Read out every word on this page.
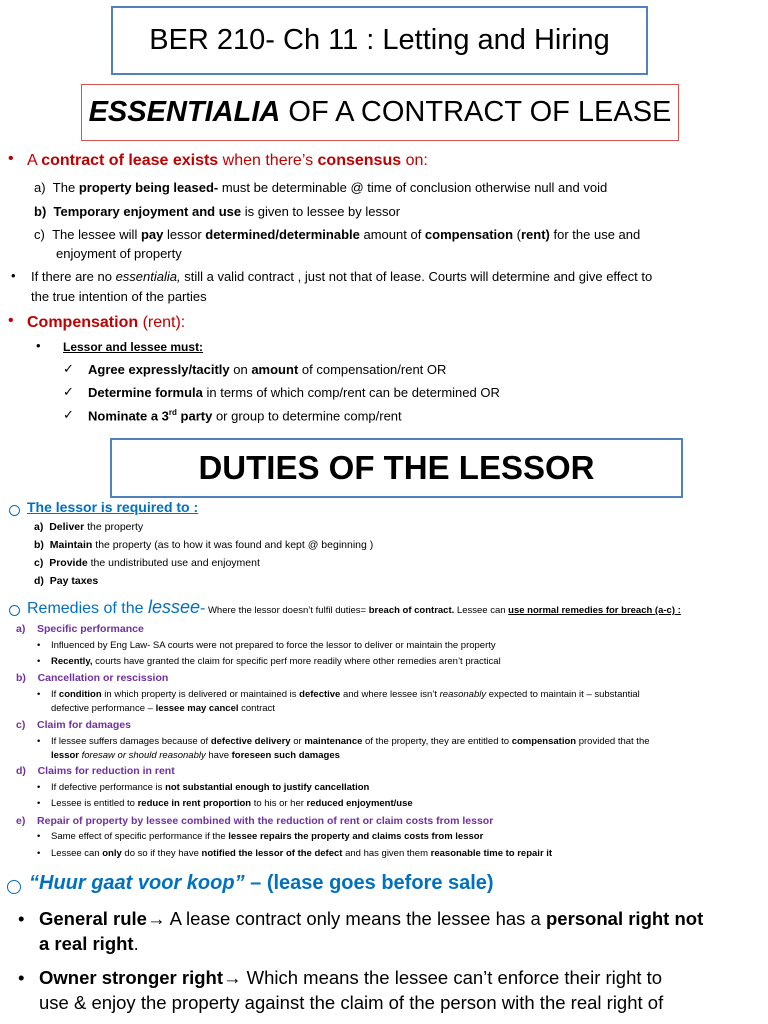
BER 210- Ch 11 : Letting and Hiring
ESSENTIALIA OF A CONTRACT OF LEASE
• A contract of lease exists when there’s consensus on:
a) The property being leased- must be determinable @ time of conclusion otherwise null and void
b) Temporary enjoyment and use is given to lessee by lessor
c) The lessee will pay lessor determined/determinable amount of compensation (rent) for the use and
enjoyment of property
• If there are no essentialia, still a valid contract , just not that of lease. Courts will determine and give effect to
the true intention of the parties
• Compensation (rent):
• Lessor and lessee must:
✓ Agree expressly/tacitly on amount of compensation/rent OR
✓ Determine formula in terms of which comp/rent can be determined OR
✓ Nominate a 3rd party or group to determine comp/rent
DUTIES OF THE LESSOR
The lessor is required to :
a) Deliver the property
b) Maintain the property (as to how it was found and kept @ beginning )
c) Provide the undistributed use and enjoyment
d) Pay taxes
Remedies of the lessee- Where the lessor doesn’t fulfil duties= breach of contract. Lessee can use normal remedies for breach (a-c) :
a) Specific performance
• Influenced by Eng Law- SA courts were not prepared to force the lessor to deliver or maintain the property
• Recently, courts have granted the claim for specific perf more readily where other remedies aren’t practical
b) Cancellation or rescission
• If condition in which property is delivered or maintained is defective and where lessee isn’t reasonably expected to maintain it – substantial
defective performance – lessee may cancel contract
c) Claim for damages
• If lessee suffers damages because of defective delivery or maintenance of the property, they are entitled to compensation provided that the
lessor foresaw or should reasonably have foreseen such damages
d) Claims for reduction in rent
• If defective performance is not substantial enough to justify cancellation
• Lessee is entitled to reduce in rent proportion to his or her reduced enjoyment/use
e) Repair of property by lessee combined with the reduction of rent or claim costs from lessor
• Same effect of specific performance if the lessee repairs the property and claims costs from lessor
• Lessee can only do so if they have notified the lessor of the defect and has given them reasonable time to repair it
“Huur gaat voor koop” – (lease goes before sale)
• General rule→ A lease contract only means the lessee has a personal right not
a real right.
• Owner stronger right→ Which means the lessee can’t enforce their right to
use & enjoy the property against the claim of the person with the real right of
